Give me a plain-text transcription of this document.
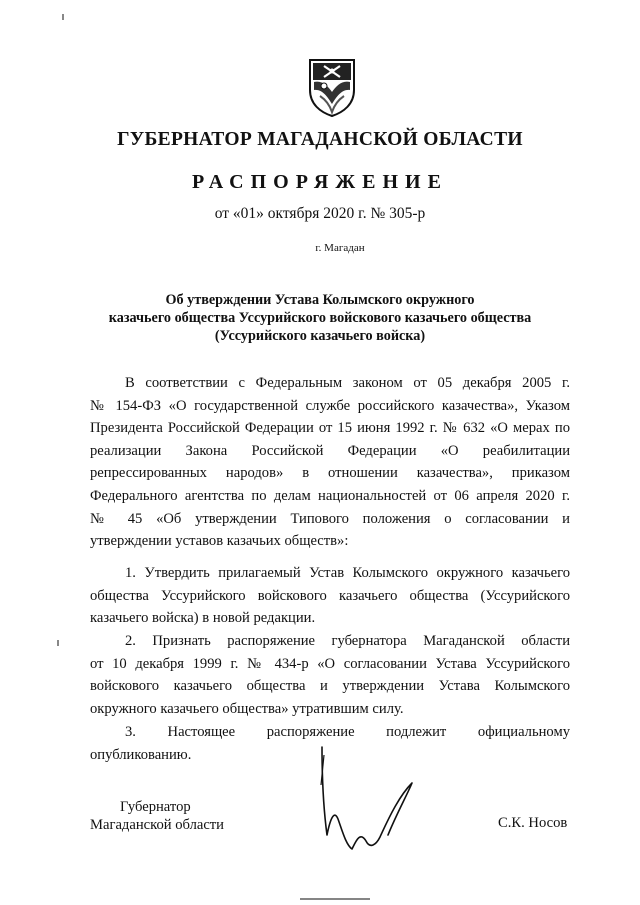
ГУБЕРНАТОР МАГАДАНСКОЙ ОБЛАСТИ
РАСПОРЯЖЕНИЕ
от «01» октября 2020 г. № 305-р
г. Магадан
Об утверждении Устава Колымского окружного
казачьего общества Уссурийского войскового казачьего общества
(Уссурийского казачьего войска)
В соответствии с Федеральным законом от 05 декабря 2005 г.
№ 154-ФЗ «О государственной службе российского казачества», Указом
Президента Российской Федерации от 15 июня 1992 г. № 632 «О мерах по
реализации Закона Российской Федерации «О реабилитации
репрессированных народов» в отношении казачества», приказом
Федерального агентства по делам национальностей от 06 апреля 2020 г.
№ 45 «Об утверждении Типового положения о согласовании и
утверждении уставов казачьих обществ»:
1. Утвердить прилагаемый Устав Колымского окружного казачьего
общества Уссурийского войскового казачьего общества (Уссурийского
казачьего войска) в новой редакции.
2. Признать распоряжение губернатора Магаданской области
от 10 декабря 1999 г. № 434-р «О согласовании Устава Уссурийского
войскового казачьего общества и утверждении Устава Колымского
окружного казачьего общества» утратившим силу.
3. Настоящее распоряжение подлежит официальному
опубликованию.
Губернатор
Магаданской области	С.К. Носов
